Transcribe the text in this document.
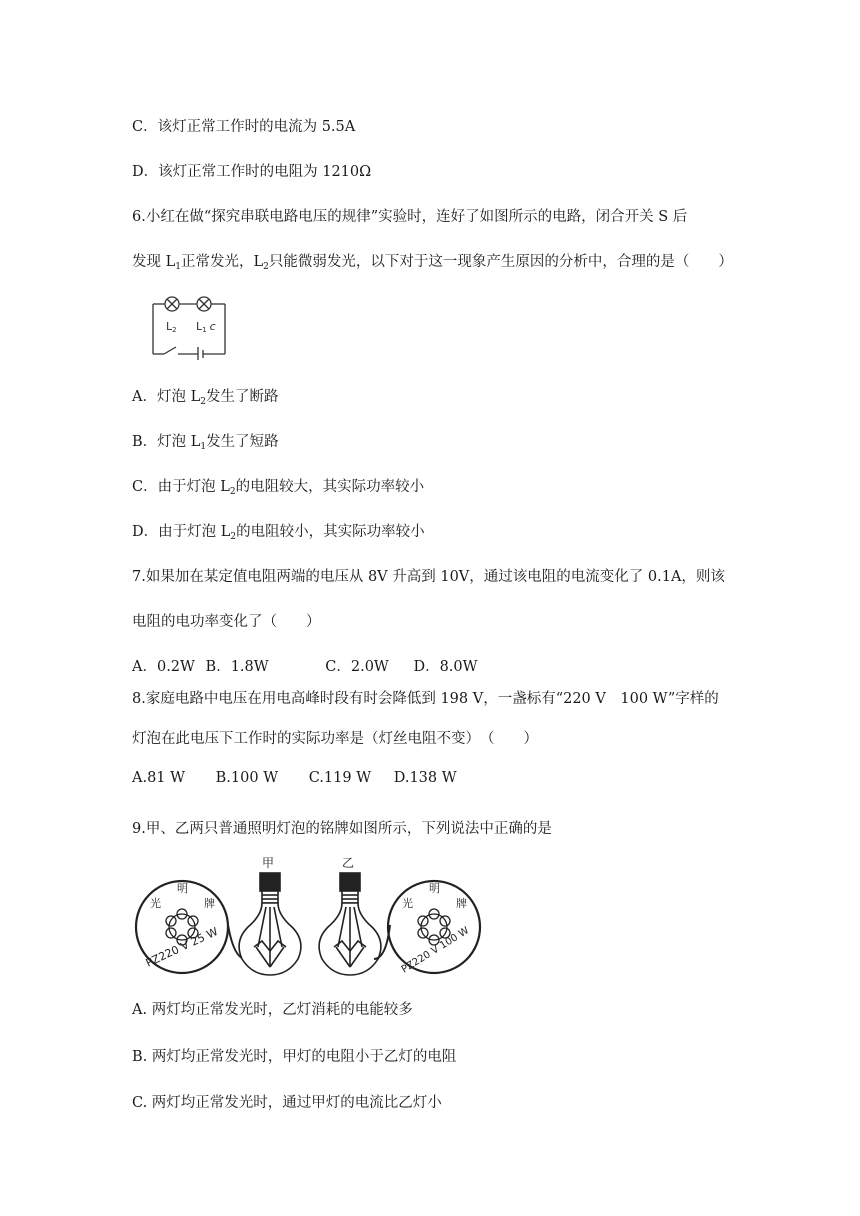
C．该灯正常工作时的电流为 5.5A
D．该灯正常工作时的电阻为 1210Ω
6.小红在做“探究串联电路电压的规律”实验时，连好了如图所示的电路，闭合开关 S 后
发现 $L_1$正常发光，$L_2$只能微弱发光，以下对于这一现象产生原因的分析中，合理的是（　　）
L2 L1 c
A．灯泡 $L_2$发生了断路
B．灯泡 $L_1$发生了短路
C．由于灯泡 $L_2$的电阻较大，其实际功率较小
D．由于灯泡 $L_2$的电阻较小，其实际功率较小
7.如果加在某定值电阻两端的电压从 8V 升高到 10V，通过该电阻的电流变化了 0.1A，则该
电阻的电功率变化了（　　）
A．0.2W B．1.8W	C．2.0W D．8.0W
8.家庭电路中电压在用电高峰时段有时会降低到 198 V，一盏标有“220 V　100 W”字样的
灯泡在此电压下工作时的实际功率是（灯丝电阻不变）　（　　）
A.81 W B.100 W C.119 W D.138 W
9.甲、乙两只普通照明灯泡的铭牌如图所示，下列说法中正确的是
光
明
牌
PZ220 V 25 W
甲	乙
光
明
牌
PZ220 V 100 W
A. 两灯均正常发光时，乙灯消耗的电能较多
B. 两灯均正常发光时，甲灯的电阻小于乙灯的电阻
C. 两灯均正常发光时，通过甲灯的电流比乙灯小
